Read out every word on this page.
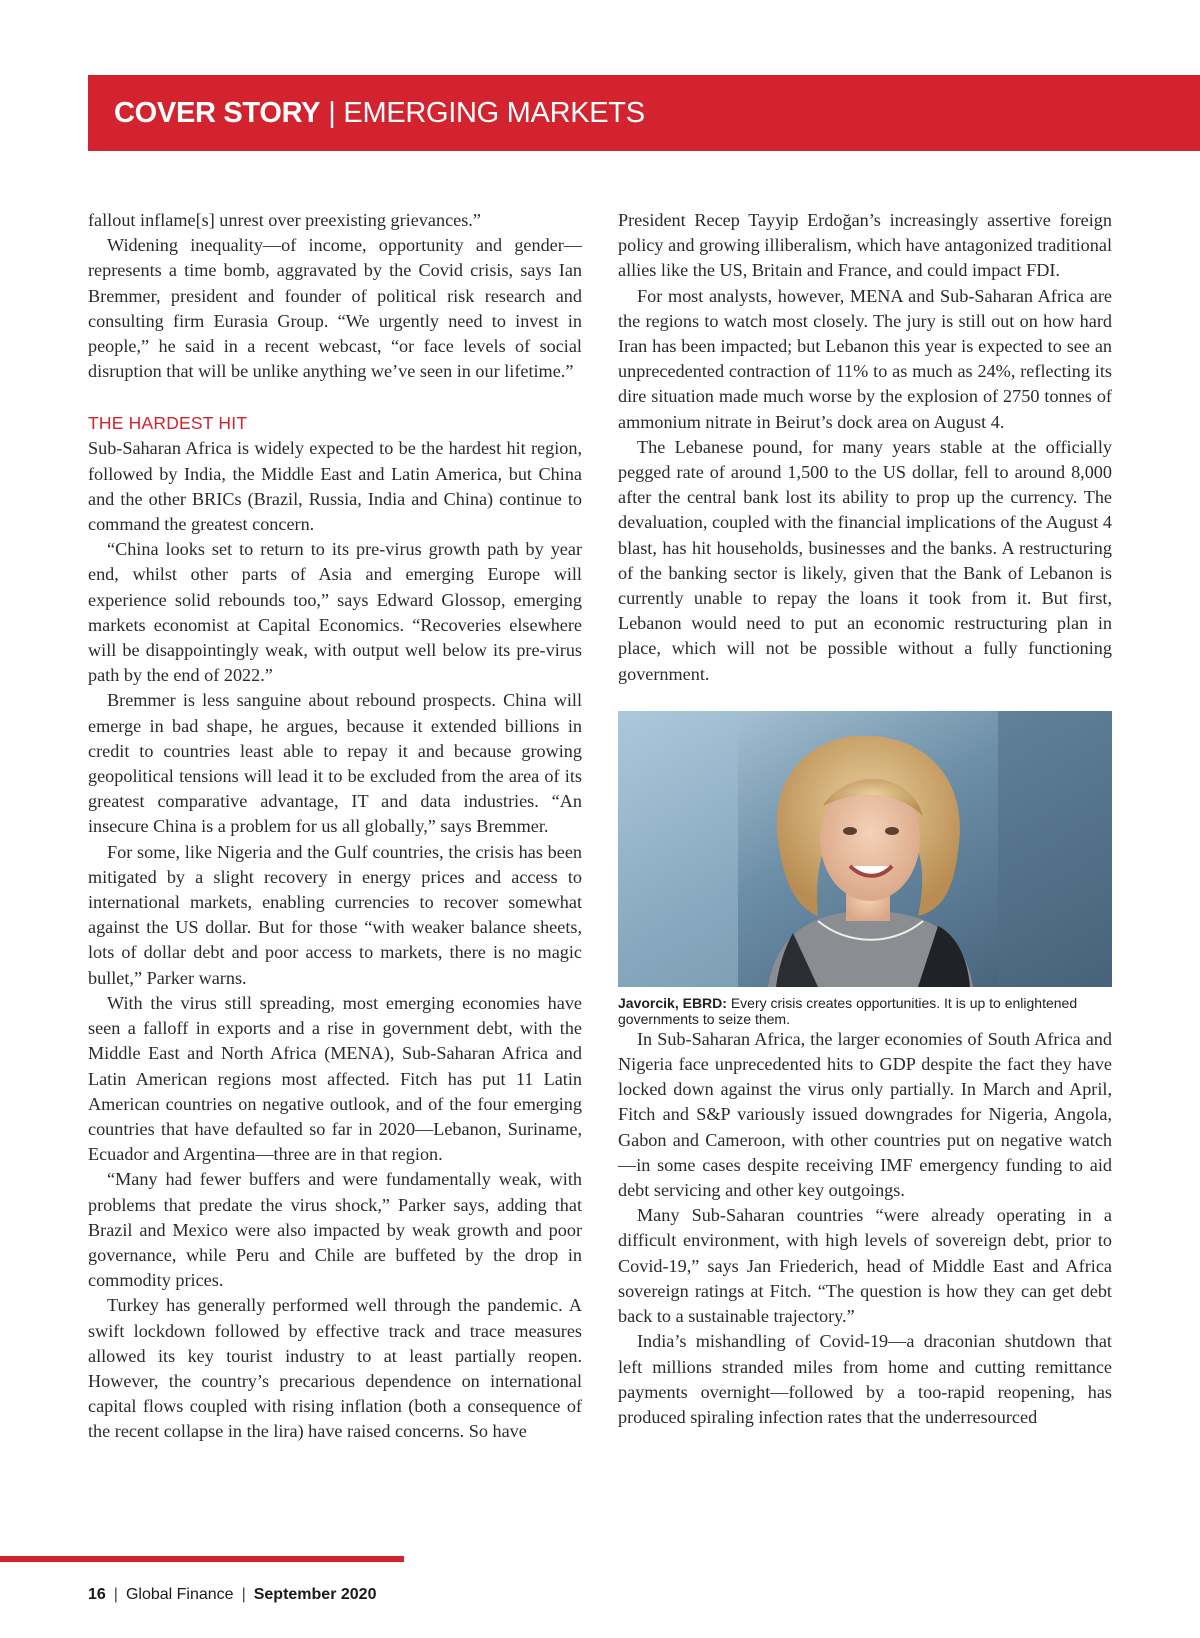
COVER STORY | EMERGING MARKETS

fallout inflame[s] unrest over preexisting grievances.”

Widening inequality—of income, opportunity and gender—represents a time bomb, aggravated by the Covid crisis, says Ian Bremmer, president and founder of political risk research and consulting firm Eurasia Group. “We urgently need to invest in people,” he said in a recent webcast, “or face levels of social disruption that will be unlike anything we’ve seen in our lifetime.”

THE HARDEST HIT

Sub-Saharan Africa is widely expected to be the hardest hit region, followed by India, the Middle East and Latin America, but China and the other BRICs (Brazil, Russia, India and China) continue to command the greatest concern.

“China looks set to return to its pre-virus growth path by year end, whilst other parts of Asia and emerging Europe will experience solid rebounds too,” says Edward Glossop, emerging markets economist at Capital Economics. “Recoveries elsewhere will be disappointingly weak, with output well below its pre-virus path by the end of 2022.”

Bremmer is less sanguine about rebound prospects. China will emerge in bad shape, he argues, because it extended billions in credit to countries least able to repay it and because growing geopolitical tensions will lead it to be excluded from the area of its greatest comparative advantage, IT and data industries. “An insecure China is a problem for us all globally,” says Bremmer.

For some, like Nigeria and the Gulf countries, the crisis has been mitigated by a slight recovery in energy prices and access to international markets, enabling currencies to recover somewhat against the US dollar. But for those “with weaker balance sheets, lots of dollar debt and poor access to markets, there is no magic bullet,” Parker warns.

With the virus still spreading, most emerging economies have seen a falloff in exports and a rise in government debt, with the Middle East and North Africa (MENA), Sub-Saharan Africa and Latin American regions most affected. Fitch has put 11 Latin American countries on negative outlook, and of the four emerging countries that have defaulted so far in 2020—Lebanon, Suriname, Ecuador and Argentina—three are in that region.

“Many had fewer buffers and were fundamentally weak, with problems that predate the virus shock,” Parker says, adding that Brazil and Mexico were also impacted by weak growth and poor governance, while Peru and Chile are buffeted by the drop in commodity prices.

Turkey has generally performed well through the pandemic. A swift lockdown followed by effective track and trace measures allowed its key tourist industry to at least partially reopen. However, the country’s precarious dependence on international capital flows coupled with rising inflation (both a consequence of the recent collapse in the lira) have raised concerns. So have

President Recep Tayyip Erdoğan’s increasingly assertive foreign policy and growing illiberalism, which have antagonized traditional allies like the US, Britain and France, and could impact FDI.

For most analysts, however, MENA and Sub-Saharan Africa are the regions to watch most closely. The jury is still out on how hard Iran has been impacted; but Lebanon this year is expected to see an unprecedented contraction of 11% to as much as 24%, reflecting its dire situation made much worse by the explosion of 2750 tonnes of ammonium nitrate in Beirut’s dock area on August 4.

The Lebanese pound, for many years stable at the officially pegged rate of around 1,500 to the US dollar, fell to around 8,000 after the central bank lost its ability to prop up the currency. The devaluation, coupled with the financial implications of the August 4 blast, has hit households, businesses and the banks. A restructuring of the banking sector is likely, given that the Bank of Lebanon is currently unable to repay the loans it took from it. But first, Lebanon would need to put an economic restructuring plan in place, which will not be possible without a fully functioning government.

Javorcik, EBRD: Every crisis creates opportunities. It is up to enlightened governments to seize them.

In Sub-Saharan Africa, the larger economies of South Africa and Nigeria face unprecedented hits to GDP despite the fact they have locked down against the virus only partially. In March and April, Fitch and S&P variously issued downgrades for Nigeria, Angola, Gabon and Cameroon, with other countries put on negative watch—in some cases despite receiving IMF emergency funding to aid debt servicing and other key outgoings.

Many Sub-Saharan countries “were already operating in a difficult environment, with high levels of sovereign debt, prior to Covid-19,” says Jan Friederich, head of Middle East and Africa sovereign ratings at Fitch. “The question is how they can get debt back to a sustainable trajectory.”

India’s mishandling of Covid-19—a draconian shutdown that left millions stranded miles from home and cutting remittance payments overnight—followed by a too-rapid reopening, has produced spiraling infection rates that the underresourced

16 | Global Finance | September 2020
